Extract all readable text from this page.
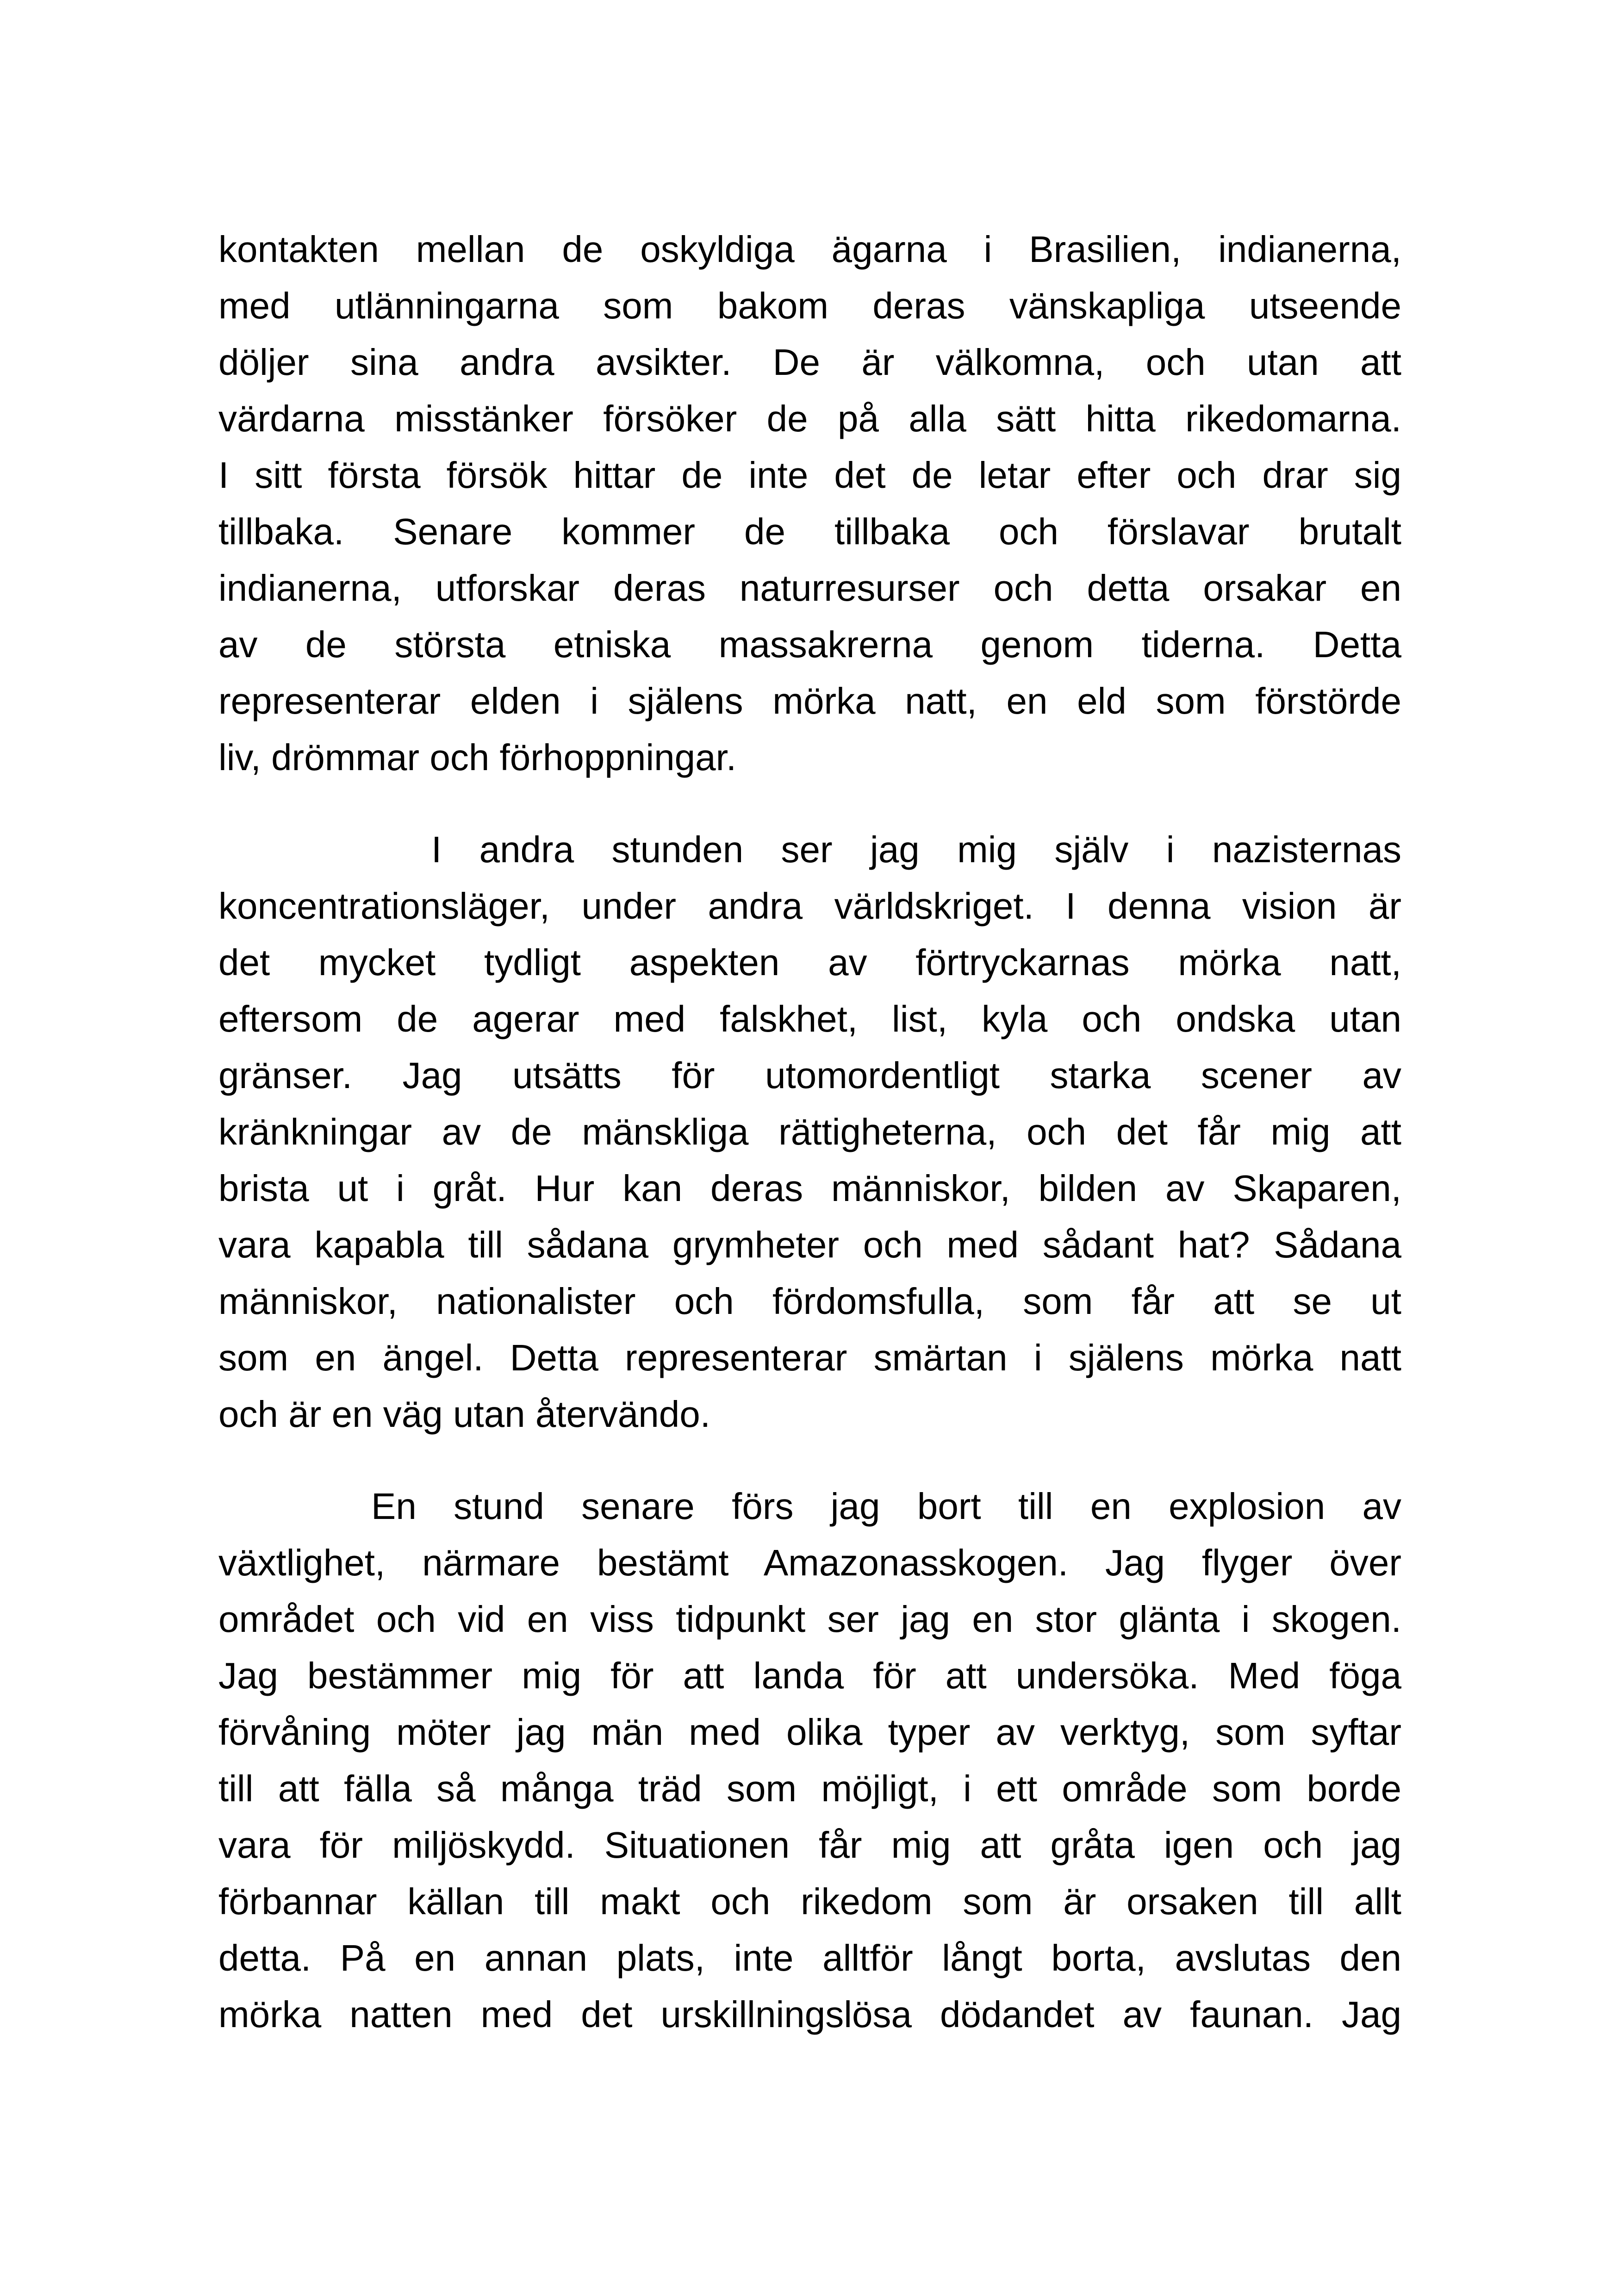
kontakten mellan de oskyldiga ägarna i Brasilien, indianerna,
med utlänningarna som bakom deras vänskapliga utseende
döljer sina andra avsikter. De är välkomna, och utan att
värdarna misstänker försöker de på alla sätt hitta rikedomarna.
I sitt första försök hittar de inte det de letar efter och drar sig
tillbaka. Senare kommer de tillbaka och förslavar brutalt
indianerna, utforskar deras naturresurser och detta orsakar en
av de största etniska massakrerna genom tiderna. Detta
representerar elden i själens mörka natt, en eld som förstörde
liv, drömmar och förhoppningar.
I andra stunden ser jag mig själv i nazisternas
koncentrationsläger, under andra världskriget. I denna vision är
det mycket tydligt aspekten av förtryckarnas mörka natt,
eftersom de agerar med falskhet, list, kyla och ondska utan
gränser. Jag utsätts för utomordentligt starka scener av
kränkningar av de mänskliga rättigheterna, och det får mig att
brista ut i gråt. Hur kan deras människor, bilden av Skaparen,
vara kapabla till sådana grymheter och med sådant hat? Sådana
människor, nationalister och fördomsfulla, som får att se ut
som en ängel. Detta representerar smärtan i själens mörka natt
och är en väg utan återvändo.
En stund senare förs jag bort till en explosion av
växtlighet, närmare bestämt Amazonasskogen. Jag flyger över
området och vid en viss tidpunkt ser jag en stor glänta i skogen.
Jag bestämmer mig för att landa för att undersöka. Med föga
förvåning möter jag män med olika typer av verktyg, som syftar
till att fälla så många träd som möjligt, i ett område som borde
vara för miljöskydd. Situationen får mig att gråta igen och jag
förbannar källan till makt och rikedom som är orsaken till allt
detta. På en annan plats, inte alltför långt borta, avslutas den
mörka natten med det urskillningslösa dödandet av faunan. Jag
